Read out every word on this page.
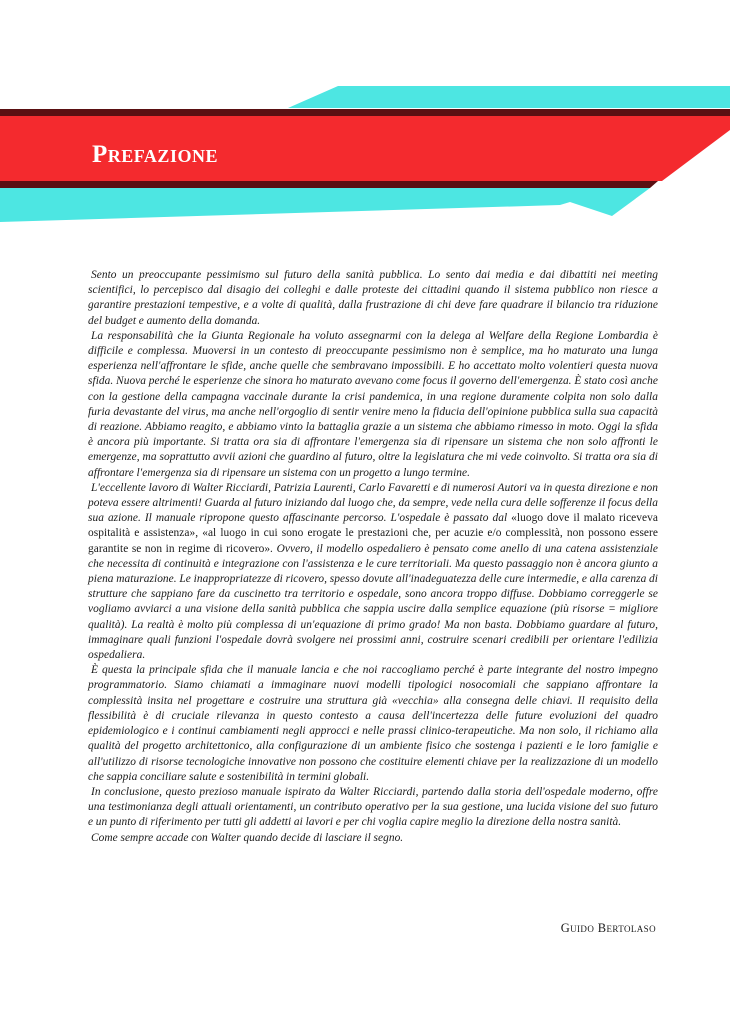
Prefazione

Sento un preoccupante pessimismo sul futuro della sanità pubblica. Lo sento dai media e dai dibattiti nei meeting scientifici, lo percepisco dal disagio dei colleghi e dalle proteste dei cittadini quando il sistema pubblico non riesce a garantire prestazioni tempestive, e a volte di qualità, dalla frustrazione di chi deve fare quadrare il bilancio tra riduzione del budget e aumento della domanda.

La responsabilità che la Giunta Regionale ha voluto assegnarmi con la delega al Welfare della Regione Lombardia è difficile e complessa. Muoversi in un contesto di preoccupante pessimismo non è semplice, ma ho maturato una lunga esperienza nell'affrontare le sfide, anche quelle che sembravano impossibili. E ho accettato molto volentieri questa nuova sfida. Nuova perché le esperienze che sinora ho maturato avevano come focus il governo dell'emergenza. È stato così anche con la gestione della campagna vaccinale durante la crisi pandemica, in una regione duramente colpita non solo dalla furia devastante del virus, ma anche nell'orgoglio di sentir venire meno la fiducia dell'opinione pubblica sulla sua capacità di reazione. Abbiamo reagito, e abbiamo vinto la battaglia grazie a un sistema che abbiamo rimesso in moto. Oggi la sfida è ancora più importante. Si tratta ora sia di affrontare l'emergenza sia di ripensare un sistema che non solo affronti le emergenze, ma soprattutto avvii azioni che guardino al futuro, oltre la legislatura che mi vede coinvolto. Si tratta ora sia di affrontare l'emergenza sia di ripensare un sistema con un progetto a lungo termine.

L'eccellente lavoro di Walter Ricciardi, Patrizia Laurenti, Carlo Favaretti e di numerosi Autori va in questa direzione e non poteva essere altrimenti! Guarda al futuro iniziando dal luogo che, da sempre, vede nella cura delle sofferenze il focus della sua azione. Il manuale ripropone questo affascinante percorso. L'ospedale è passato dal «luogo dove il malato riceveva ospitalità e assistenza», «al luogo in cui sono erogate le prestazioni che, per acuzie e/o complessità, non possono essere garantite se non in regime di ricovero». Ovvero, il modello ospedaliero è pensato come anello di una catena assistenziale che necessita di continuità e integrazione con l'assistenza e le cure territoriali. Ma questo passaggio non è ancora giunto a piena maturazione. Le inappropriatezze di ricovero, spesso dovute all'inadeguatezza delle cure intermedie, e alla carenza di strutture che sappiano fare da cuscinetto tra territorio e ospedale, sono ancora troppo diffuse. Dobbiamo correggerle se vogliamo avviarci a una visione della sanità pubblica che sappia uscire dalla semplice equazione (più risorse = migliore qualità). La realtà è molto più complessa di un'equazione di primo grado! Ma non basta. Dobbiamo guardare al futuro, immaginare quali funzioni l'ospedale dovrà svolgere nei prossimi anni, costruire scenari credibili per orientare l'edilizia ospedaliera.

È questa la principale sfida che il manuale lancia e che noi raccogliamo perché è parte integrante del nostro impegno programmatorio. Siamo chiamati a immaginare nuovi modelli tipologici nosocomiali che sappiano affrontare la complessità insita nel progettare e costruire una struttura già «vecchia» alla consegna delle chiavi. Il requisito della flessibilità è di cruciale rilevanza in questo contesto a causa dell'incertezza delle future evoluzioni del quadro epidemiologico e i continui cambiamenti negli approcci e nelle prassi clinico-terapeutiche. Ma non solo, il richiamo alla qualità del progetto architettonico, alla configurazione di un ambiente fisico che sostenga i pazienti e le loro famiglie e all'utilizzo di risorse tecnologiche innovative non possono che costituire elementi chiave per la realizzazione di un modello che sappia conciliare salute e sostenibilità in termini globali.

In conclusione, questo prezioso manuale ispirato da Walter Ricciardi, partendo dalla storia dell'ospedale moderno, offre una testimonianza degli attuali orientamenti, un contributo operativo per la sua gestione, una lucida visione del suo futuro e un punto di riferimento per tutti gli addetti ai lavori e per chi voglia capire meglio la direzione della nostra sanità.

Come sempre accade con Walter quando decide di lasciare il segno.

Guido Bertolaso
